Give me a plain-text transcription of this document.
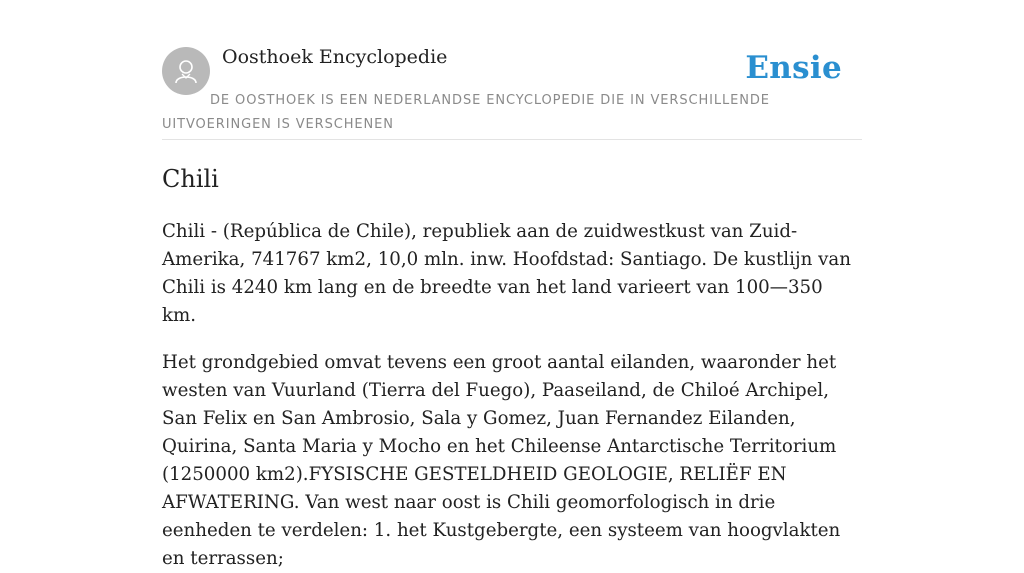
Oosthoek Encyclopedie	Ensie
DE OOSTHOEK IS EEN NEDERLANDSE ENCYCLOPEDIE DIE IN VERSCHILLENDE UITVOERINGEN IS VERSCHENEN
Chili

Chili - (República de Chile), republiek aan de zuidwestkust van Zuid-Amerika, 741767 km2, 10,0 mln. inw. Hoofdstad: Santiago. De kustlijn van Chili is 4240 km lang en de breedte van het land varieert van 100—350 km.

Het grondgebied omvat tevens een groot aantal eilanden, waaronder het westen van Vuurland (Tierra del Fuego), Paaseiland, de Chiloé Archipel, San Felix en San Ambrosio, Sala y Gomez, Juan Fernandez Eilanden, Quirina, Santa Maria y Mocho en het Chileense Antarctische Territorium (1250000 km2).FYSISCHE GESTELDHEID GEOLOGIE, RELIËF EN AFWATERING. Van west naar oost is Chili geomorfologisch in drie eenheden te verdelen: 1. het Kustgebergte, een systeem van hoogvlakten en terrassen;
